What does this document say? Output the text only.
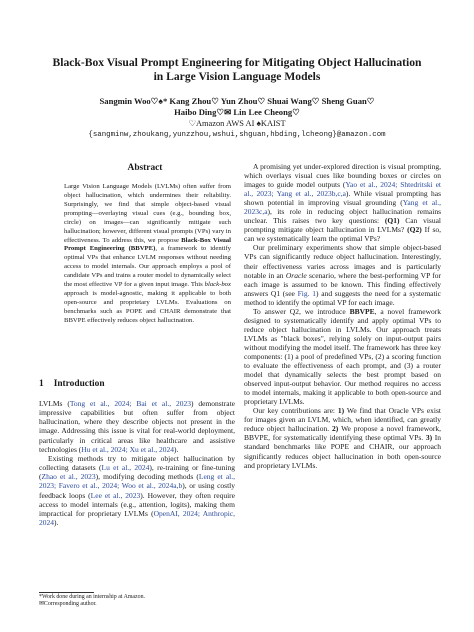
Black-Box Visual Prompt Engineering for Mitigating Object Hallucination
in Large Vision Language Models
Sangmin Woo♡♠* Kang Zhou♡ Yun Zhou♡ Shuai Wang♡ Sheng Guan♡
Haibo Ding♡✉ Lin Lee Cheong♡
♡Amazon AWS AI ♠KAIST
{sangminw,zhoukang,yunzzhou,wshui,shguan,hbding,lcheong}@amazon.com
Abstract
Large Vision Language Models (LVLMs) often suffer from object hallucination, which undermines their reliability. Surprisingly, we find that simple object-based visual prompting—overlaying visual cues (e.g., bounding box, circle) on images—can significantly mitigate such hallucination; however, different visual prompts (VPs) vary in effectiveness. To address this, we propose Black-Box Visual Prompt Engineering (BBVPE), a framework to identify optimal VPs that enhance LVLM responses without needing access to model internals. Our approach employs a pool of candidate VPs and trains a router model to dynamically select the most effective VP for a given input image. This black-box approach is model-agnostic, making it applicable to both open-source and proprietary LVLMs. Evaluations on benchmarks such as POPE and CHAIR demonstrate that BBVPE effectively reduces object hallucination.
1 Introduction

LVLMs (Tong et al., 2024; Bai et al., 2023) demonstrate impressive capabilities but often suffer from object hallucination, where they describe objects not present in the image. Addressing this issue is vital for real-world deployment, particularly in critical areas like healthcare and assistive technologies (Hu et al., 2024; Xu et al., 2024).

Existing methods try to mitigate object hallucination by collecting datasets (Lu et al., 2024), re-training or fine-tuning (Zhao et al., 2023), modifying decoding methods (Leng et al., 2023; Favero et al., 2024; Woo et al., 2024a,b), or using costly feedback loops (Lee et al., 2023). However, they often require access to model internals (e.g., attention, logits), making them impractical for proprietary LVLMs (OpenAI, 2024; Anthropic, 2024).

A promising yet under-explored direction is visual prompting, which overlays visual cues like bounding boxes or circles on images to guide model outputs (Yao et al., 2024; Shtedritski et al., 2023; Yang et al., 2023b,c,a). While visual prompting has shown potential in improving visual grounding (Yang et al., 2023c,a), its role in reducing object hallucination remains unclear. This raises two key questions: (Q1) Can visual prompting mitigate object hallucination in LVLMs? (Q2) If so, can we systematically learn the optimal VPs?

Our preliminary experiments show that simple object-based VPs can significantly reduce object hallucination. Interestingly, their effectiveness varies across images and is particularly notable in an Oracle scenario, where the best-performing VP for each image is assumed to be known. This finding effectively answers Q1 (see Fig. 1) and suggests the need for a systematic method to identify the optimal VP for each image.

To answer Q2, we introduce BBVPE, a novel framework designed to systematically identify and apply optimal VPs to reduce object hallucination in LVLMs. Our approach treats LVLMs as "black boxes", relying solely on input-output pairs without modifying the model itself. The framework has three key components: (1) a pool of predefined VPs, (2) a scoring function to evaluate the effectiveness of each prompt, and (3) a router model that dynamically selects the best prompt based on observed input-output behavior. Our method requires no access to model internals, making it applicable to both open-source and proprietary LVLMs.

Our key contributions are: 1) We find that Oracle VPs exist for images given an LVLM, which, when identified, can greatly reduce object hallucination. 2) We propose a novel framework, BBVPE, for systematically identifying these optimal VPs. 3) In standard benchmarks like POPE and CHAIR, our approach significantly reduces object hallucination in both open-source and proprietary LVLMs.

*Work done during an internship at Amazon.
✉Corresponding author.
